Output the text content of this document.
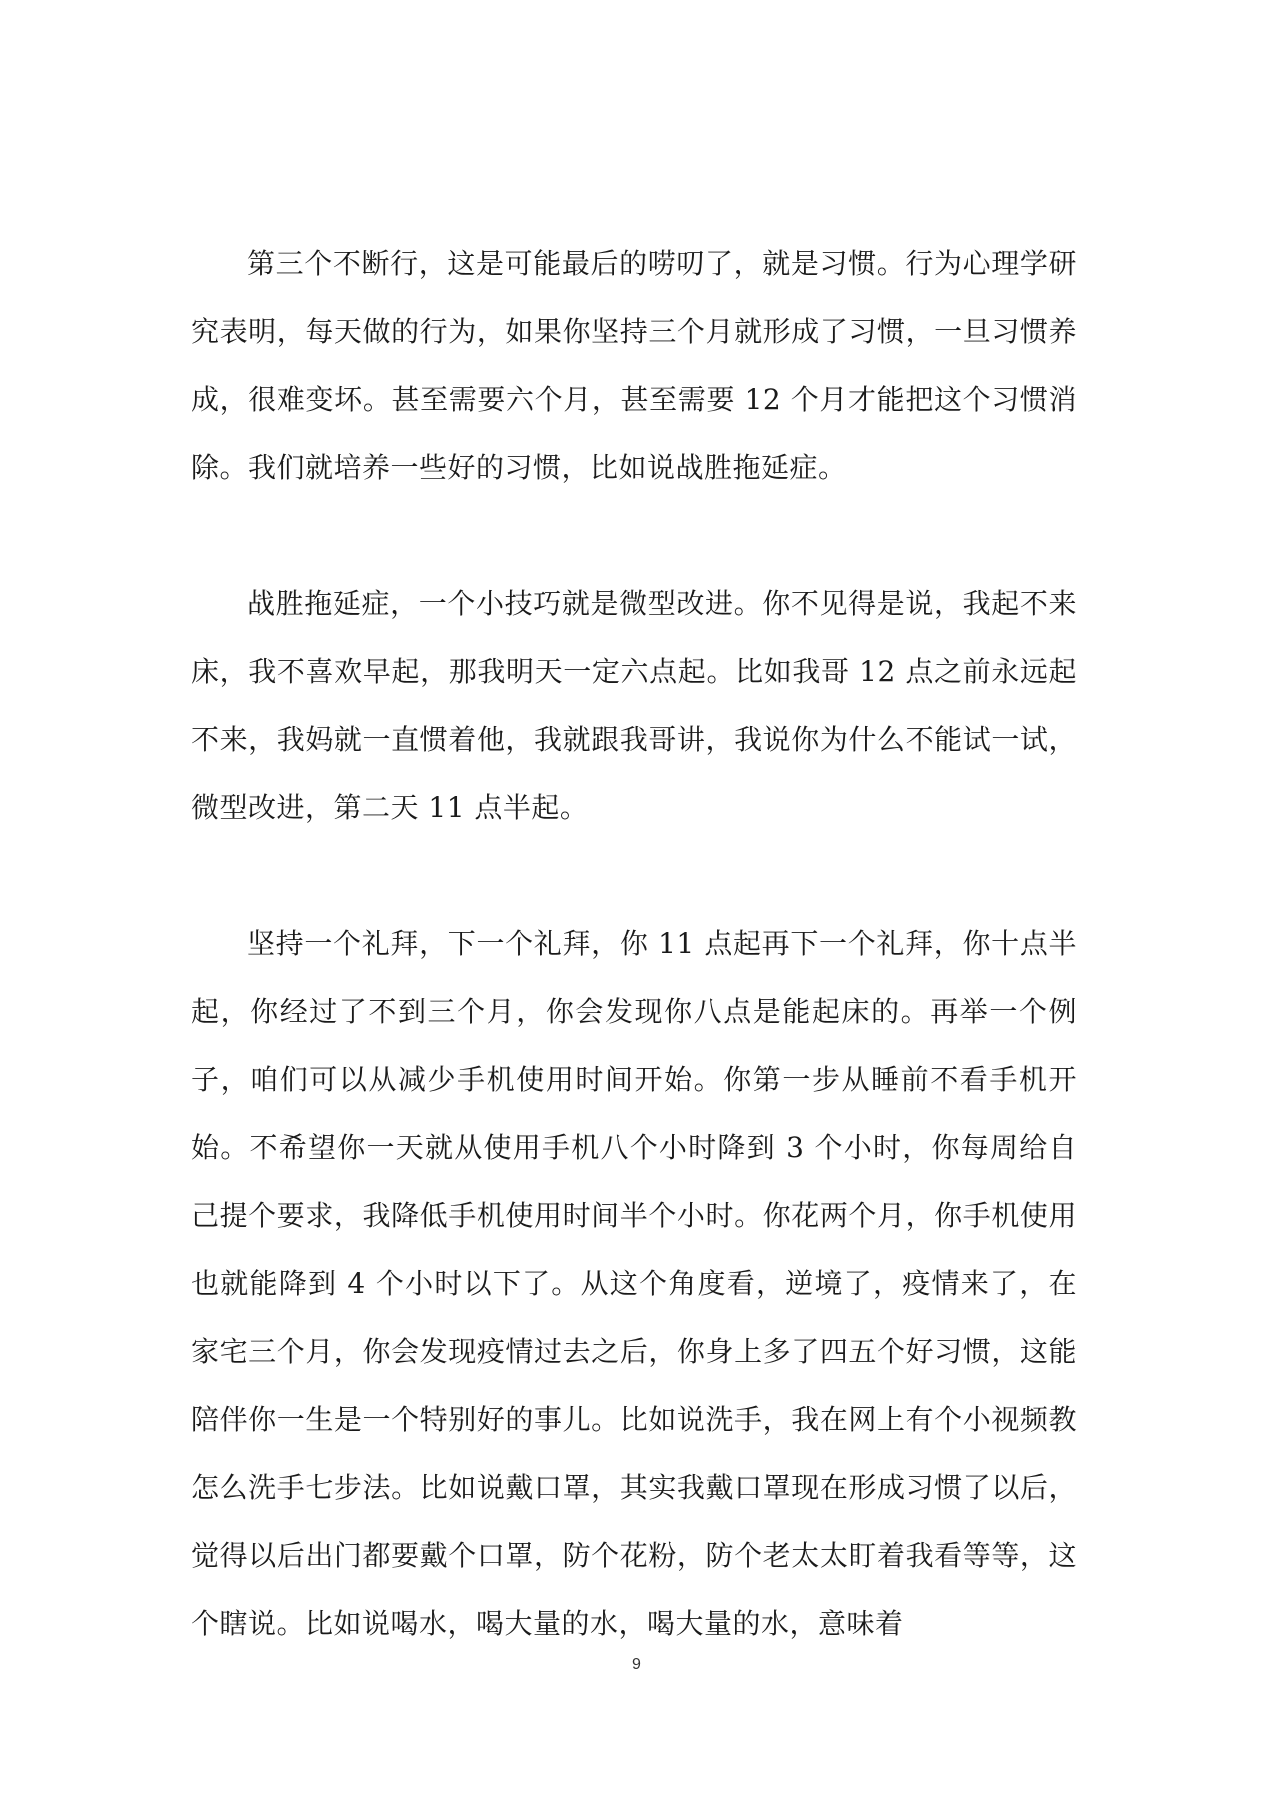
第三个不断行，这是可能最后的唠叨了，就是习惯。行为心理学研究表明，每天做的行为，如果你坚持三个月就形成了习惯，一旦习惯养成，很难变坏。甚至需要六个月，甚至需要 12 个月才能把这个习惯消除。我们就培养一些好的习惯，比如说战胜拖延症。

战胜拖延症，一个小技巧就是微型改进。你不见得是说，我起不来床，我不喜欢早起，那我明天一定六点起。比如我哥 12 点之前永远起不来，我妈就一直惯着他，我就跟我哥讲，我说你为什么不能试一试，微型改进，第二天 11 点半起。

坚持一个礼拜，下一个礼拜，你 11 点起再下一个礼拜，你十点半起，你经过了不到三个月，你会发现你八点是能起床的。再举一个例子，咱们可以从减少手机使用时间开始。你第一步从睡前不看手机开始。不希望你一天就从使用手机八个小时降到 3 个小时，你每周给自己提个要求，我降低手机使用时间半个小时。你花两个月，你手机使用也就能降到 4 个小时以下了。从这个角度看，逆境了，疫情来了，在家宅三个月，你会发现疫情过去之后，你身上多了四五个好习惯，这能陪伴你一生是一个特别好的事儿。比如说洗手，我在网上有个小视频教怎么洗手七步法。比如说戴口罩，其实我戴口罩现在形成习惯了以后，觉得以后出门都要戴个口罩，防个花粉，防个老太太盯着我看等等，这个瞎说。比如说喝水，喝大量的水，喝大量的水，意味着

9
